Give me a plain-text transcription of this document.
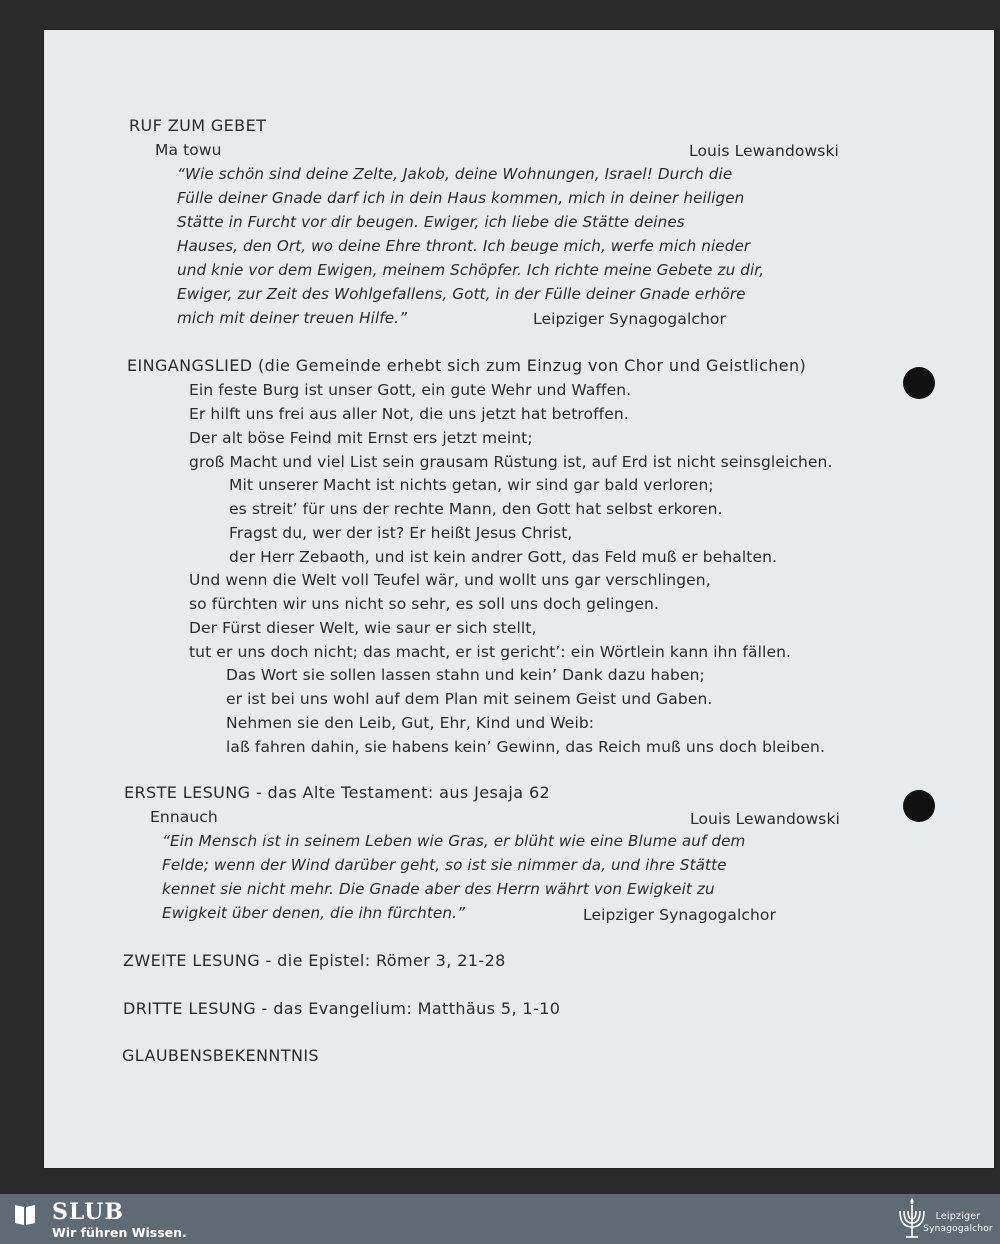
RUF ZUM GEBET
Ma towu	Louis Lewandowski
“Wie schön sind deine Zelte, Jakob, deine Wohnungen, Israel! Durch die
Fülle deiner Gnade darf ich in dein Haus kommen, mich in deiner heiligen
Stätte in Furcht vor dir beugen. Ewiger, ich liebe die Stätte deines
Hauses, den Ort, wo deine Ehre thront. Ich beuge mich, werfe mich nieder
und knie vor dem Ewigen, meinem Schöpfer. Ich richte meine Gebete zu dir,
Ewiger, zur Zeit des Wohlgefallens, Gott, in der Fülle deiner Gnade erhöre
mich mit deiner treuen Hilfe.”	Leipziger Synagogalchor
EINGANGSLIED (die Gemeinde erhebt sich zum Einzug von Chor und Geistlichen)
Ein feste Burg ist unser Gott, ein gute Wehr und Waffen.
Er hilft uns frei aus aller Not, die uns jetzt hat betroffen.
Der alt böse Feind mit Ernst ers jetzt meint;
groß Macht und viel List sein grausam Rüstung ist, auf Erd ist nicht seinsgleichen.
Mit unserer Macht ist nichts getan, wir sind gar bald verloren;
es streit’ für uns der rechte Mann, den Gott hat selbst erkoren.
Fragst du, wer der ist? Er heißt Jesus Christ,
der Herr Zebaoth, und ist kein andrer Gott, das Feld muß er behalten.
Und wenn die Welt voll Teufel wär, und wollt uns gar verschlingen,
so fürchten wir uns nicht so sehr, es soll uns doch gelingen.
Der Fürst dieser Welt, wie saur er sich stellt,
tut er uns doch nicht; das macht, er ist gericht’: ein Wörtlein kann ihn fällen.
Das Wort sie sollen lassen stahn und kein’ Dank dazu haben;
er ist bei uns wohl auf dem Plan mit seinem Geist und Gaben.
Nehmen sie den Leib, Gut, Ehr, Kind und Weib:
laß fahren dahin, sie habens kein’ Gewinn, das Reich muß uns doch bleiben.
ERSTE LESUNG - das Alte Testament: aus Jesaja 62
Ennauch	Louis Lewandowski
“Ein Mensch ist in seinem Leben wie Gras, er blüht wie eine Blume auf dem
Felde; wenn der Wind darüber geht, so ist sie nimmer da, und ihre Stätte
kennet sie nicht mehr. Die Gnade aber des Herrn währt von Ewigkeit zu
Ewigkeit über denen, die ihn fürchten.”	Leipziger Synagogalchor
ZWEITE LESUNG - die Epistel: Römer 3, 21-28
DRITTE LESUNG - das Evangelium: Matthäus 5, 1-10
GLAUBENSBEKENNTNIS
SLUB
Wir führen Wissen.
Leipziger
Synagogalchor
